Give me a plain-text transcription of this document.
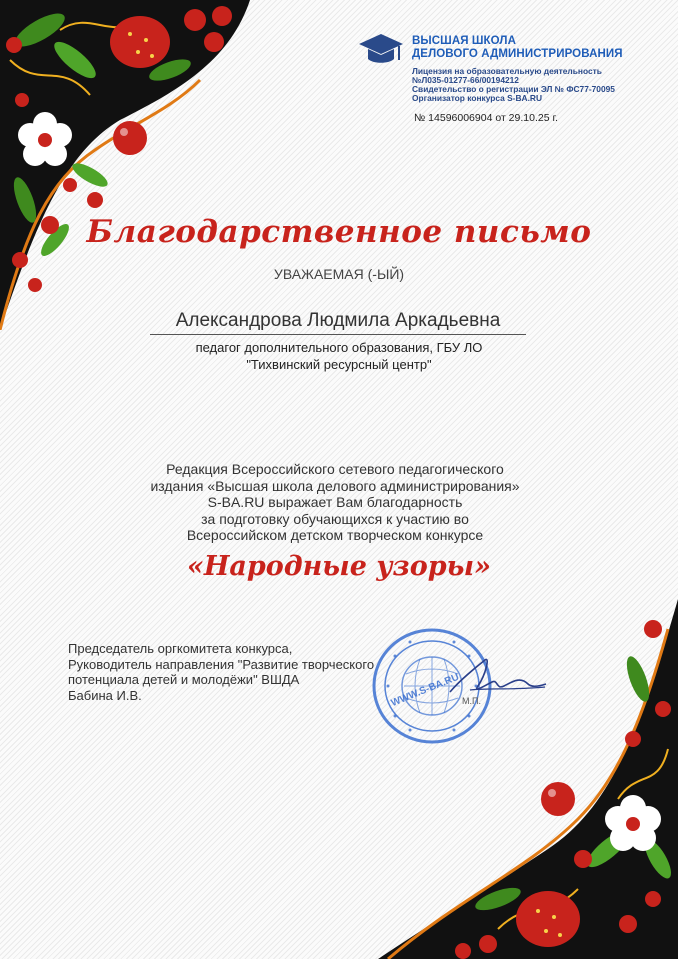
ВЫСШАЯ ШКОЛА
ДЕЛОВОГО АДМИНИСТРИРОВАНИЯ
Лицензия на образовательную деятельность
№Л035-01277-66/00194212
Свидетельство о регистрации ЭЛ № ФС77-70095
Организатор конкурса S-BA.RU
№ 14596006904 от 29.10.25 г.
Благодарственное письмо
УВАЖАЕМАЯ (-ЫЙ)
Александрова Людмила Аркадьевна
педагог дополнительного образования, ГБУ ЛО
"Тихвинский ресурсный центр"
Редакция Всероссийского сетевого педагогического
издания «Высшая школа делового администрирования»
S-BA.RU выражает Вам благодарность
за подготовку обучающихся к участию во
Всероссийском детском творческом конкурсе
«Народные узоры»
Председатель оргкомитета конкурса,
Руководитель направления "Развитие творческого
потенциала детей и молодёжи" ВШДА
Бабина И.В.	WWW.S-BA.RU М.П.
